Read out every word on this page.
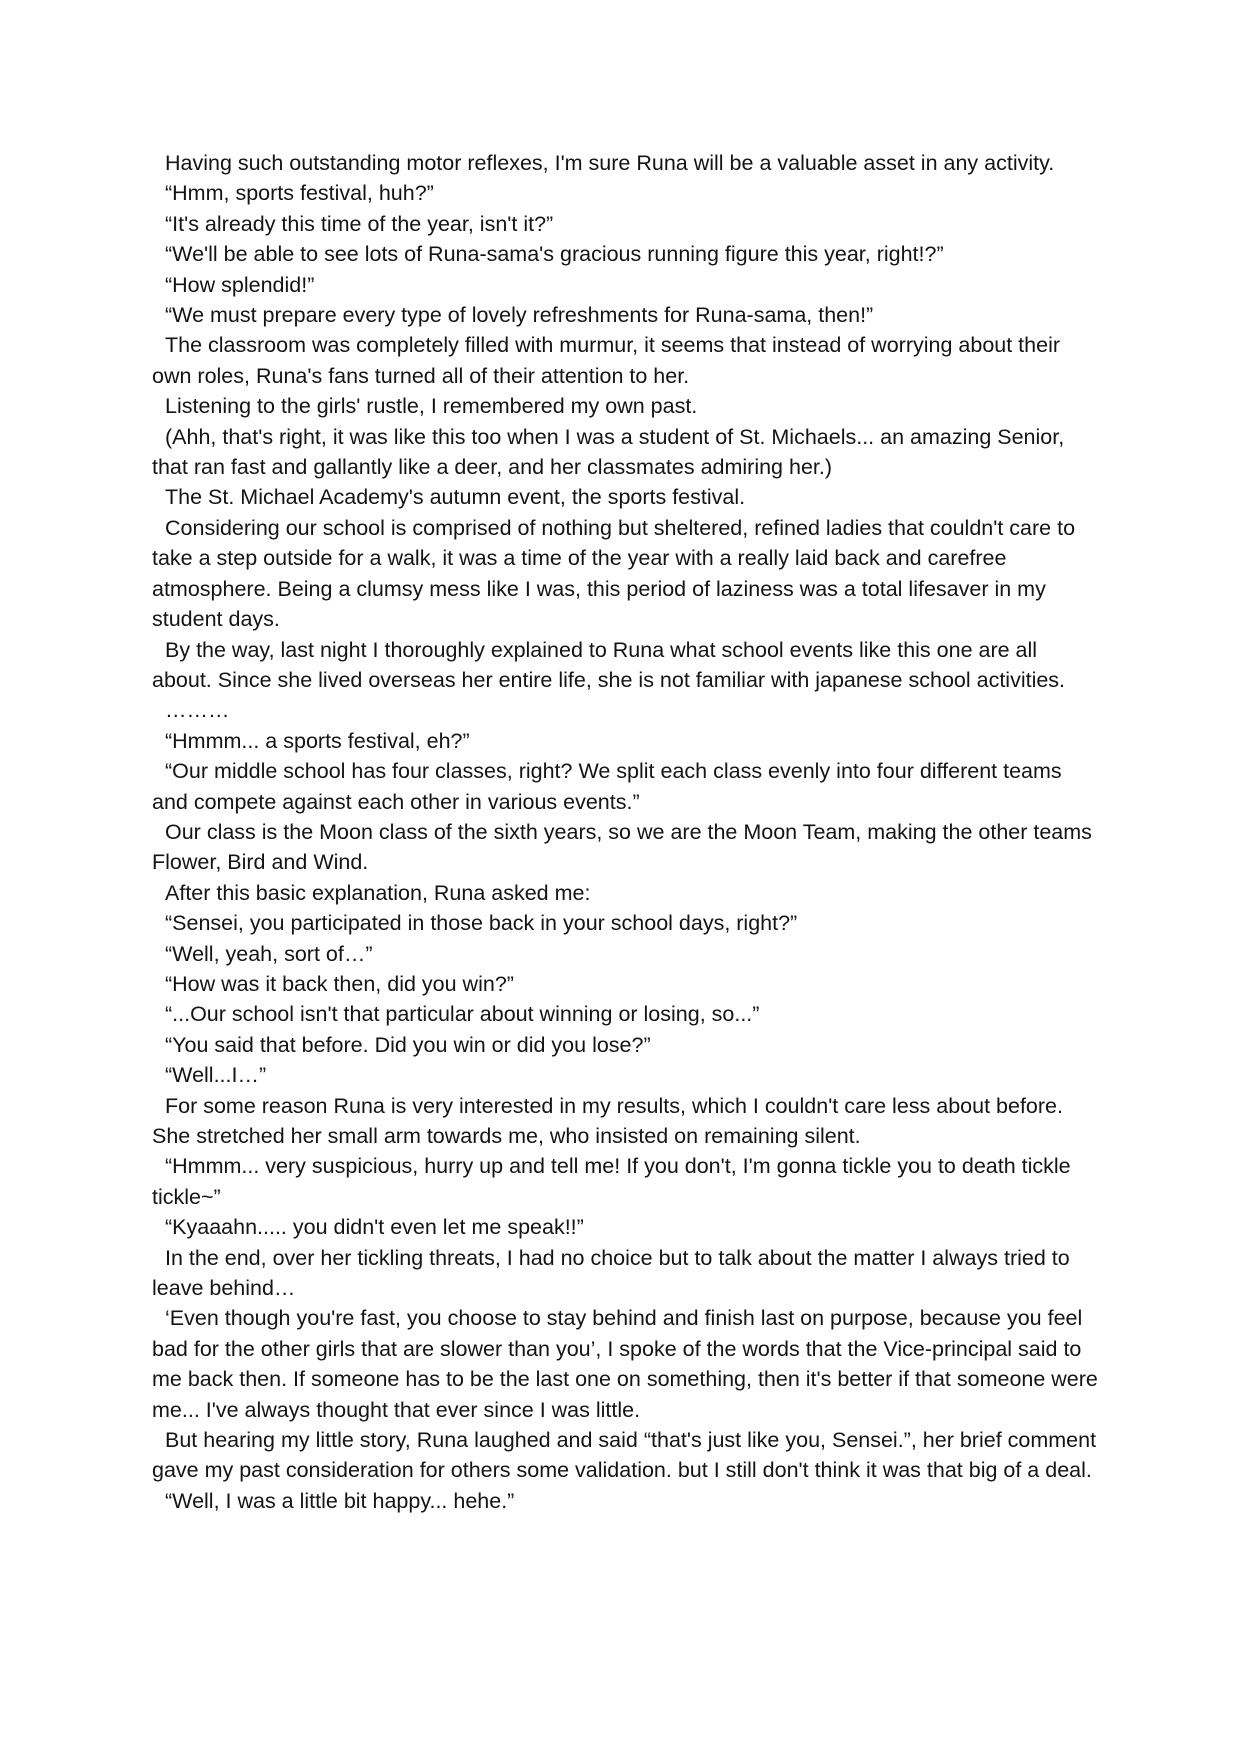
Having such outstanding motor reflexes, I'm sure Runa will be a valuable asset in any activity.

“Hmm, sports festival, huh?”

“It's already this time of the year, isn't it?”

“We'll be able to see lots of Runa-sama's gracious running figure this year, right!?”

“How splendid!”

“We must prepare every type of lovely refreshments for Runa-sama, then!”

The classroom was completely filled with murmur, it seems that instead of worrying about their own roles, Runa's fans turned all of their attention to her.

Listening to the girls' rustle, I remembered my own past.

(Ahh, that's right, it was like this too when I was a student of St. Michaels... an amazing Senior, that ran fast and gallantly like a deer, and her classmates admiring her.)

The St. Michael Academy's autumn event, the sports festival.

Considering our school is comprised of nothing but sheltered, refined ladies that couldn't care to take a step outside for a walk, it was a time of the year with a really laid back and carefree atmosphere. Being a clumsy mess like I was, this period of laziness was a total lifesaver in my student days.

By the way, last night I thoroughly explained to Runa what school events like this one are all about. Since she lived overseas her entire life, she is not familiar with japanese school activities.

………

“Hmmm... a sports festival, eh?”

“Our middle school has four classes, right? We split each class evenly into four different teams and compete against each other in various events.”

Our class is the Moon class of the sixth years, so we are the Moon Team, making the other teams Flower, Bird and Wind.

After this basic explanation, Runa asked me:

“Sensei, you participated in those back in your school days, right?”

“Well, yeah, sort of…”

“How was it back then, did you win?”

“...Our school isn't that particular about winning or losing, so...”

“You said that before. Did you win or did you lose?”

“Well...I…”

For some reason Runa is very interested in my results, which I couldn't care less about before. She stretched her small arm towards me, who insisted on remaining silent.

“Hmmm... very suspicious, hurry up and tell me! If you don't, I'm gonna tickle you to death tickle tickle~”

“Kyaaahn..... you didn't even let me speak!!”

In the end, over her tickling threats, I had no choice but to talk about the matter I always tried to leave behind…

‘Even though you're fast, you choose to stay behind and finish last on purpose, because you feel bad for the other girls that are slower than you’, I spoke of the words that the Vice-principal said to me back then. If someone has to be the last one on something, then it's better if that someone were me... I've always thought that ever since I was little.

But hearing my little story, Runa laughed and said “that's just like you, Sensei.”, her brief comment gave my past consideration for others some validation. but I still don't think it was that big of a deal.

“Well, I was a little bit happy... hehe.”
